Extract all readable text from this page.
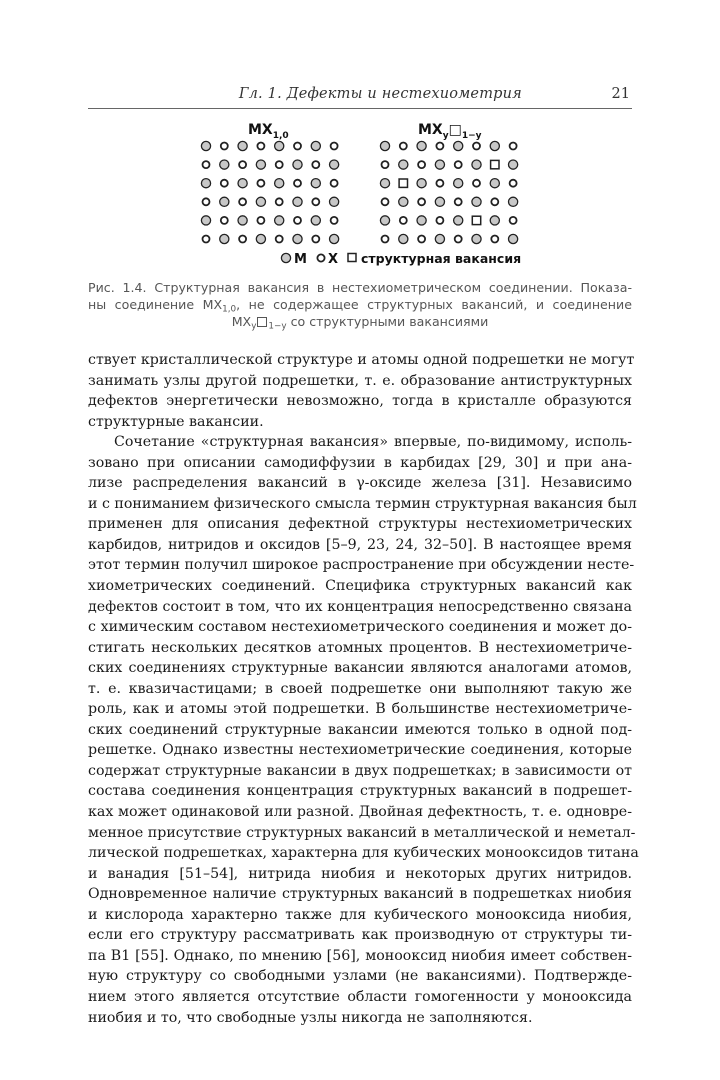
Гл. 1. Дефекты и нестехиометрия	21
$MX_{1,0}$	$MX_y□_{1-y}$
M X структурная вакансия
Рис. 1.4. Структурная вакансия в нестехиометрическом соединении. Показа-
ны соединение $MX_{1,0}$, не содержащее структурных вакансий, и соединение
$MX_y$ $_{1-y}$ со структурными вакансиями
ствует кристаллической структуре и атомы одной подрешетки не могут
занимать узлы другой подрешетки, т. е. образование антиструктурных
дефектов энергетически невозможно, тогда в кристалле образуются
структурные вакансии.
Сочетание «структурная вакансия» впервые, по-видимому, исполь-
зовано при описании самодиффузии в карбидах [29, 30] и при ана-
лизе распределения вакансий в γ-оксиде железа [31]. Независимо
и с пониманием физического смысла термин структурная вакансия был
применен для описания дефектной структуры нестехиометрических
карбидов, нитридов и оксидов [5–9, 23, 24, 32–50]. В настоящее время
этот термин получил широкое распространение при обсуждении несте-
хиометрических соединений. Специфика структурных вакансий как
дефектов состоит в том, что их концентрация непосредственно связана
с химическим составом нестехиометрического соединения и может до-
стигать нескольких десятков атомных процентов. В нестехиометриче-
ских соединениях структурные вакансии являются аналогами атомов,
т. е. квазичастицами; в своей подрешетке они выполняют такую же
роль, как и атомы этой подрешетки. В большинстве нестехиометриче-
ских соединений структурные вакансии имеются только в одной под-
решетке. Однако известны нестехиометрические соединения, которые
содержат структурные вакансии в двух подрешетках; в зависимости от
состава соединения концентрация структурных вакансий в подрешет-
ках может одинаковой или разной. Двойная дефектность, т. е. одновре-
менное присутствие структурных вакансий в металлической и неметал-
лической подрешетках, характерна для кубических монооксидов титана
и ванадия [51–54], нитрида ниобия и некоторых других нитридов.
Одновременное наличие структурных вакансий в подрешетках ниобия
и кислорода характерно также для кубического монооксида ниобия,
если его структуру рассматривать как производную от структуры ти-
па B1 [55]. Однако, по мнению [56], монооксид ниобия имеет собствен-
ную структуру со свободными узлами (не вакансиями). Подтвержде-
нием этого является отсутствие области гомогенности у монооксида
ниобия и то, что свободные узлы никогда не заполняются.
